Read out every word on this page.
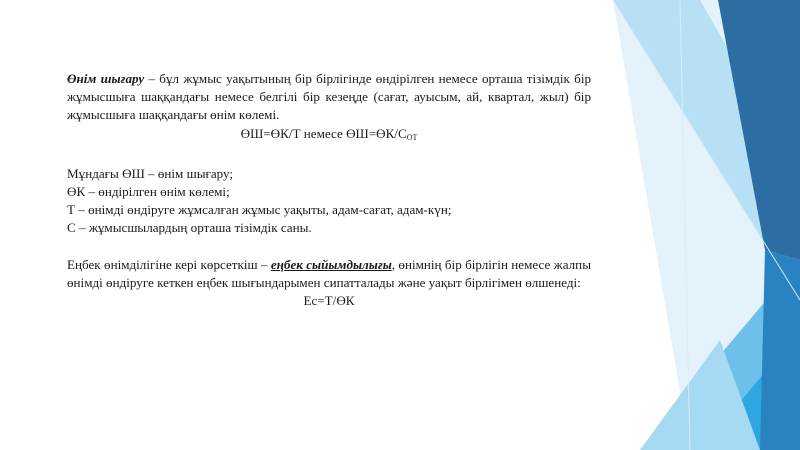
Өнім шығару – бұл жұмыс уақытының бір бірлігінде өндірілген немесе орташа тізімдік бір жұмысшыға шаққандағы немесе белгілі бір кезеңде (сағат, ауысым, ай, квартал, жыл) бір жұмысшыға шаққандағы өнім көлемі.

ӨШ=ӨК/Т немесе $ӨШ=ӨК/С_{ОТ}$

Мұндағы ӨШ – өнім шығару;

ӨК – өндірілген өнім көлемі;

Т – өнімді өндіруге жұмсалған жұмыс уақыты, адам-сағат, адам-күн;

С – жұмысшылардың орташа тізімдік саны.

Еңбек өнімділігіне кері көрсеткіш – еңбек сыйымдылығы, өнімнің бір бірлігін немесе жалпы өнімді өндіруге кеткен еңбек шығындарымен сипатталады және уақыт бірлігімен өлшенеді:

Ес=Т/ӨК
